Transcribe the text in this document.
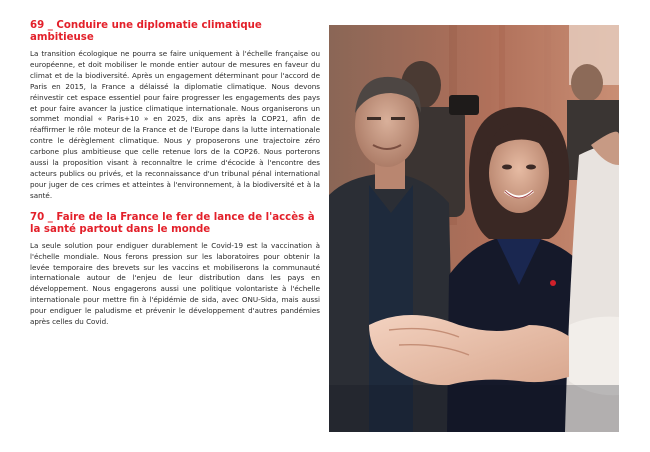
69 _ Conduire une diplomatie climatique ambitieuse

La transition écologique ne pourra se faire uniquement à l'échelle française ou européenne, et doit mobiliser le monde entier autour de mesures en faveur du climat et de la biodiversité. Après un engagement déterminant pour l'accord de Paris en 2015, la France a délaissé la diplomatie climatique. Nous devons réinvestir cet espace essentiel pour faire progresser les engagements des pays et pour faire avancer la justice climatique internationale. Nous organiserons un sommet mondial « Paris+10 » en 2025, dix ans après la COP21, afin de réaffirmer le rôle moteur de la France et de l'Europe dans la lutte internationale contre le dérèglement climatique. Nous y proposerons une trajectoire zéro carbone plus ambitieuse que celle retenue lors de la COP26. Nous porterons aussi la proposition visant à reconnaître le crime d'écocide à l'encontre des acteurs publics ou privés, et la reconnaissance d'un tribunal pénal international pour juger de ces crimes et atteintes à l'environnement, à la biodiversité et à la santé.

70 _ Faire de la France le fer de lance de l'accès à la santé partout dans le monde

La seule solution pour endiguer durablement le Covid-19 est la vaccination à l'échelle mondiale. Nous ferons pression sur les laboratoires pour obtenir la levée temporaire des brevets sur les vaccins et mobiliserons la communauté internationale autour de l'enjeu de leur distribution dans les pays en développement. Nous engagerons aussi une politique volontariste à l'échelle internationale pour mettre fin à l'épidémie de sida, avec ONU-Sida, mais aussi pour endiguer le paludisme et prévenir le développement d'autres pandémies après celles du Covid.
